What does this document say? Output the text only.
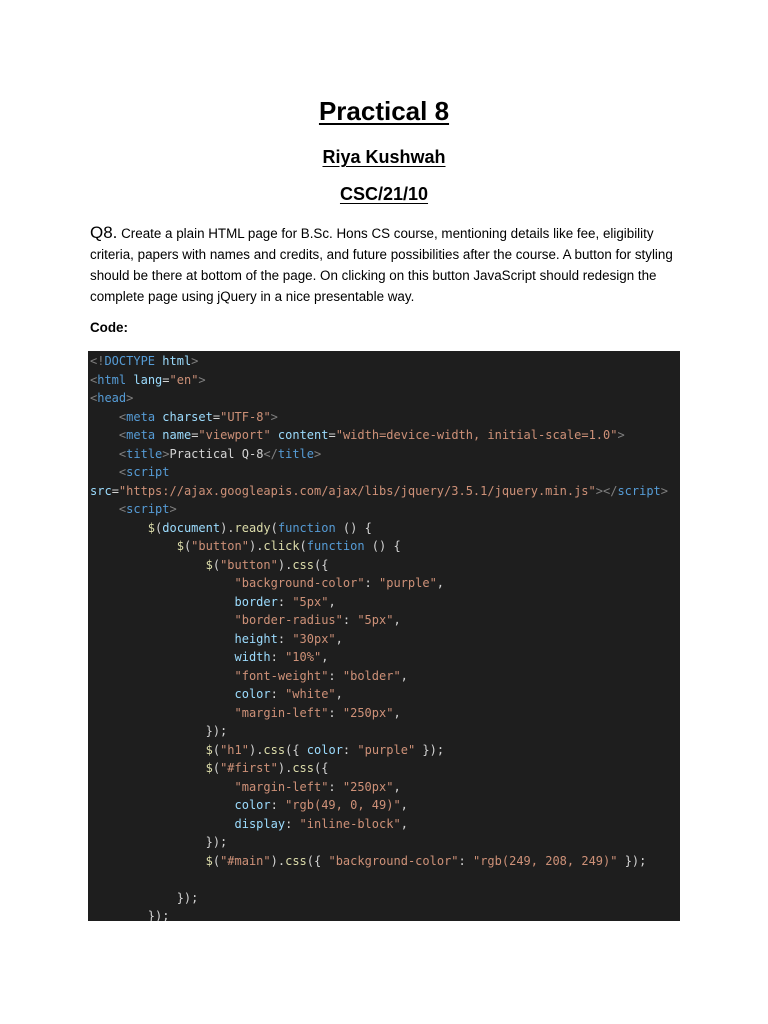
Practical 8
Riya Kushwah
CSC/21/10

Q8. Create a plain HTML page for B.Sc. Hons CS course, mentioning details like fee, eligibility criteria, papers with names and credits, and future possibilities after the course. A button for styling should be there at bottom of the page. On clicking on this button JavaScript should redesign the complete page using jQuery in a nice presentable way.

Code:

<!DOCTYPE html>
<html lang="en">
<head>
<meta charset="UTF-8">
<meta name="viewport" content="width=device-width, initial-scale=1.0">
<title>Practical Q-8</title>
<script
src="https://ajax.googleapis.com/ajax/libs/jquery/3.5.1/jquery.min.js"></script>
<script>
$(document).ready(function () {
$("button").click(function () {
$("button").css({
"background-color": "purple",
border: "5px",
"border-radius": "5px",
height: "30px",
width: "10%",
"font-weight": "bolder",
color: "white",
"margin-left": "250px",
});
$("h1").css({ color: "purple" });
$("#first").css({
"margin-left": "250px",
color: "rgb(49, 0, 49)",
display: "inline-block",
});
$("#main").css({ "background-color": "rgb(249, 208, 249)" });
});
});
